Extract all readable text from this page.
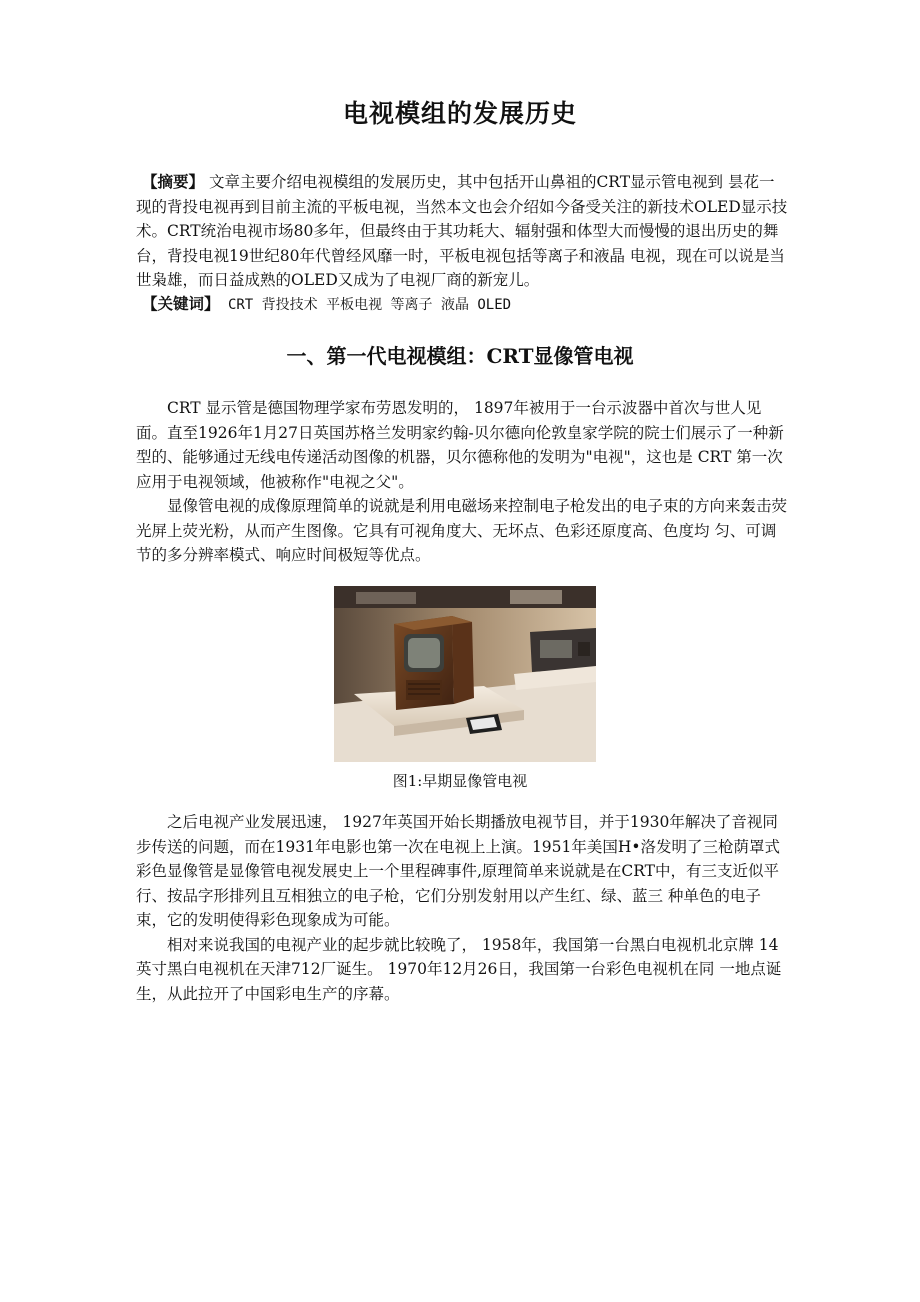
电视模组的发展历史
【摘要】 文章主要介绍电视模组的发展历史，其中包括开山鼻祖的CRT显示管电视到 昙花一现的背投电视再到目前主流的平板电视，当然本文也会介绍如今备受关注的新技术OLED显示技术。CRT统治电视市场80多年，但最终由于其功耗大、辐射强和体型大而慢慢的退出历史的舞台，背投电视19世纪80年代曾经风靡一时，平板电视包括等离子和液晶 电视，现在可以说是当世枭雄，而日益成熟的OLED又成为了电视厂商的新宠儿。
【关键词】 CRT 背投技术 平板电视 等离子 液晶 OLED
一、第一代电视模组：CRT显像管电视

CRT 显示管是德国物理学家布劳恩发明的， 1897年被用于一台示波器中首次与世人见面。直至1926年1月27日英国苏格兰发明家约翰-贝尔德向伦敦皇家学院的院士们展示了一种新型的、能够通过无线电传递活动图像的机器，贝尔德称他的发明为"电视"，这也是 CRT 第一次应用于电视领域，他被称作"电视之父"。

显像管电视的成像原理简单的说就是利用电磁场来控制电子枪发出的电子束的方向来轰击荧光屏上荧光粉，从而产生图像。它具有可视角度大、无坏点、色彩还原度高、色度均 匀、可调节的多分辨率模式、响应时间极短等优点。

图1:早期显像管电视

之后电视产业发展迅速， 1927年英国开始长期播放电视节目，并于1930年解决了音视同步传送的问题，而在1931年电影也第一次在电视上上演。1951年美国H•洛发明了三枪荫罩式彩色显像管是显像管电视发展史上一个里程碑事件,原理简单来说就是在CRT中，有三支近似平行、按品字形排列且互相独立的电子枪，它们分别发射用以产生红、绿、蓝三 种单色的电子束，它的发明使得彩色现象成为可能。

相对来说我国的电视产业的起步就比较晚了， 1958年，我国第一台黑白电视机北京牌 14英寸黑白电视机在天津712厂诞生。 1970年12月26日，我国第一台彩色电视机在同 一地点诞生，从此拉开了中国彩电生产的序幕。
